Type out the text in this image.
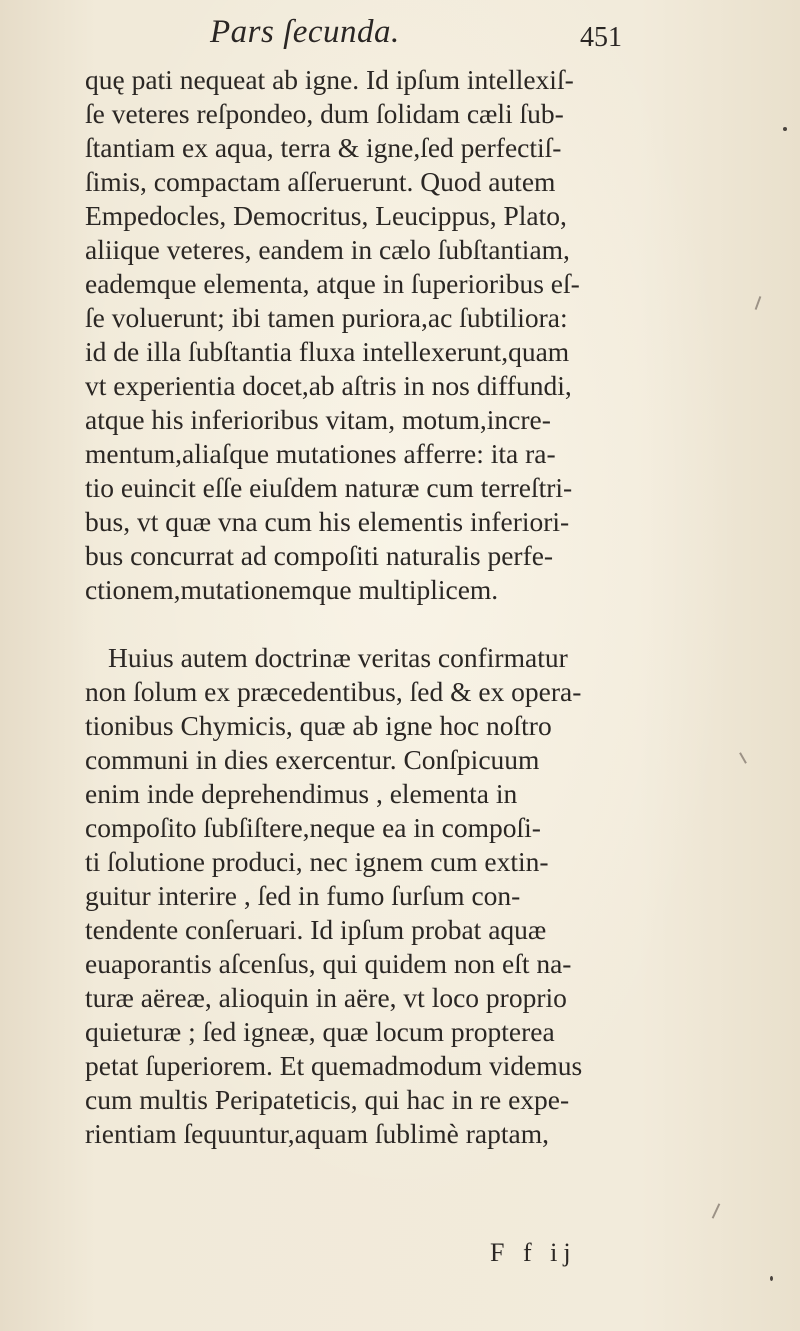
Pars ſecunda.	451
quę pati nequeat ab igne. Id ipſum intellexiſ-
ſe veteres reſpondeo, dum ſolidam cæli ſub-
ſtantiam ex aqua, terra & igne,ſed perfectiſ-
ſimis, compactam aſſeruerunt. Quod autem
Empedocles, Democritus, Leucippus, Plato,
aliique veteres, eandem in cælo ſubſtantiam,
eademque elementa, atque in ſuperioribus eſ-
ſe voluerunt; ibi tamen puriora,ac ſubtiliora:
id de illa ſubſtantia fluxa intellexerunt,quam
vt experientia docet,ab aſtris in nos diffundi,
atque his inferioribus vitam, motum,incre-
mentum,aliaſque mutationes afferre: ita ra-
tio euincit eſſe eiuſdem naturæ cum terreſtri-
bus, vt quæ vna cum his elementis inferiori-
bus concurrat ad compoſiti naturalis perfe-
ctionem,mutationemque multiplicem.
Huius autem doctrinæ veritas confirmatur
non ſolum ex præcedentibus, ſed & ex opera-
tionibus Chymicis, quæ ab igne hoc noſtro
communi in dies exercentur. Conſpicuum
enim inde deprehendimus , elementa in
compoſito ſubſiſtere,neque ea in compoſi-
ti ſolutione produci, nec ignem cum extin-
guitur interire , ſed in fumo ſurſum con-
tendente conſeruari. Id ipſum probat aquæ
euaporantis aſcenſus, qui quidem non eſt na-
turæ aëreæ, alioquin in aëre, vt loco proprio
quieturæ ; ſed igneæ, quæ locum propterea
petat ſuperiorem. Et quemadmodum videmus
cum multis Peripateticis, qui hac in re expe-
rientiam ſequuntur,aquam ſublimè raptam,
F f ij
